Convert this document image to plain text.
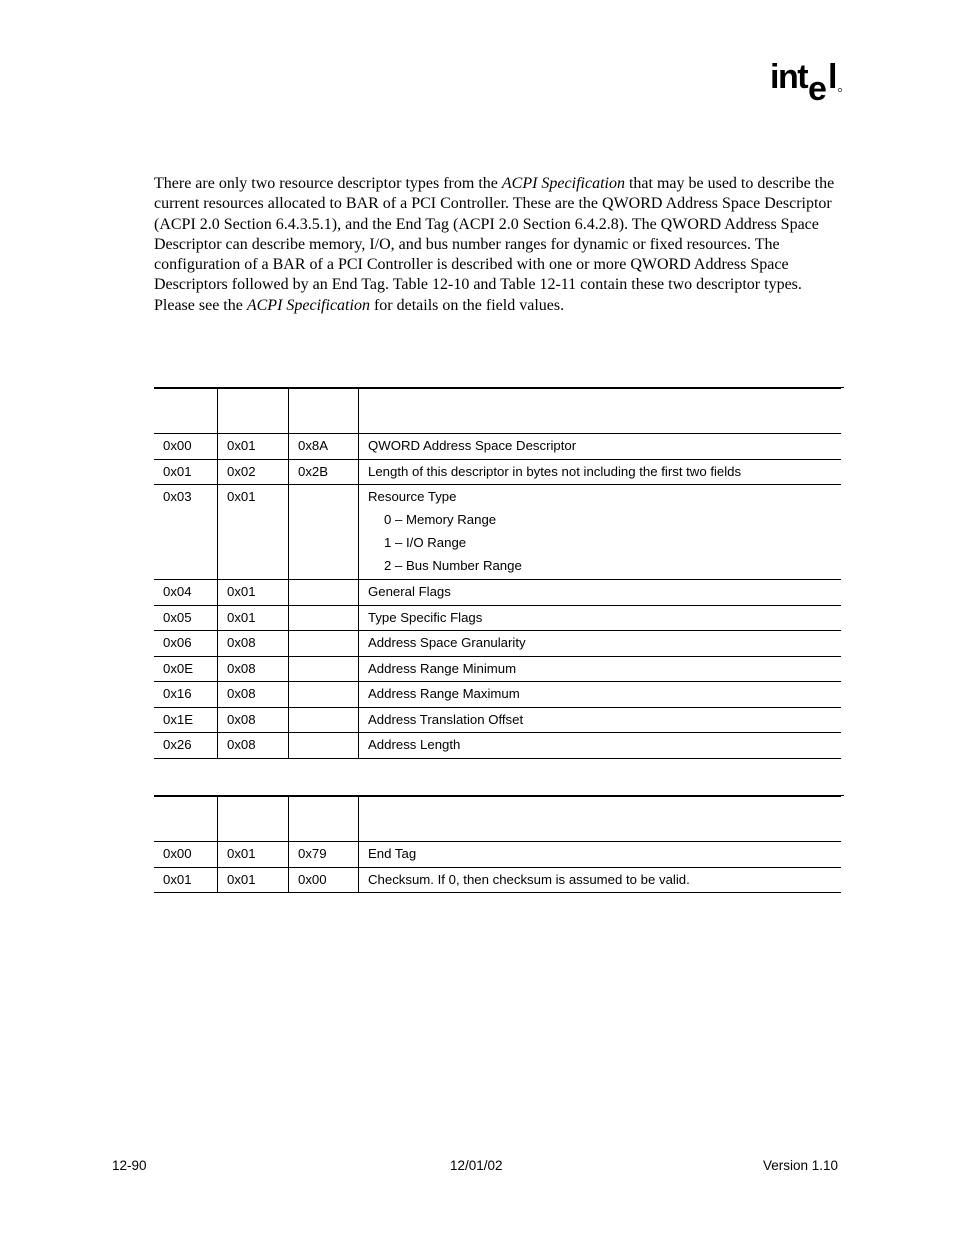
int e l

There are only two resource descriptor types from the ACPI Specification that may be used to describe the current resources allocated to BAR of a PCI Controller. These are the QWORD Address Space Descriptor (ACPI 2.0 Section 6.4.3.5.1), and the End Tag (ACPI 2.0 Section 6.4.2.8). The QWORD Address Space Descriptor can describe memory, I/O, and bus number ranges for dynamic or fixed resources. The configuration of a BAR of a PCI Controller is described with one or more QWORD Address Space Descriptors followed by an End Tag. Table 12-10 and Table 12-11 contain these two descriptor types. Please see the ACPI Specification for details on the field values.

0x00	0x01	0x8A	QWORD Address Space Descriptor
0x01	0x02	0x2B	Length of this descriptor in bytes not including the first two fields
0x03	0x01		Resource Type
0 – Memory Range
1 – I/O Range
2 – Bus Number Range

0x04	0x01		General Flags
0x05	0x01		Type Specific Flags
0x06	0x08		Address Space Granularity
0x0E	0x08		Address Range Minimum
0x16	0x08		Address Range Maximum
0x1E	0x08		Address Translation Offset
0x26	0x08		Address Length

0x00	0x01	0x79	End Tag
0x01	0x01	0x00	Checksum. If 0, then checksum is assumed to be valid.
12-90	12/01/02	Version 1.10
